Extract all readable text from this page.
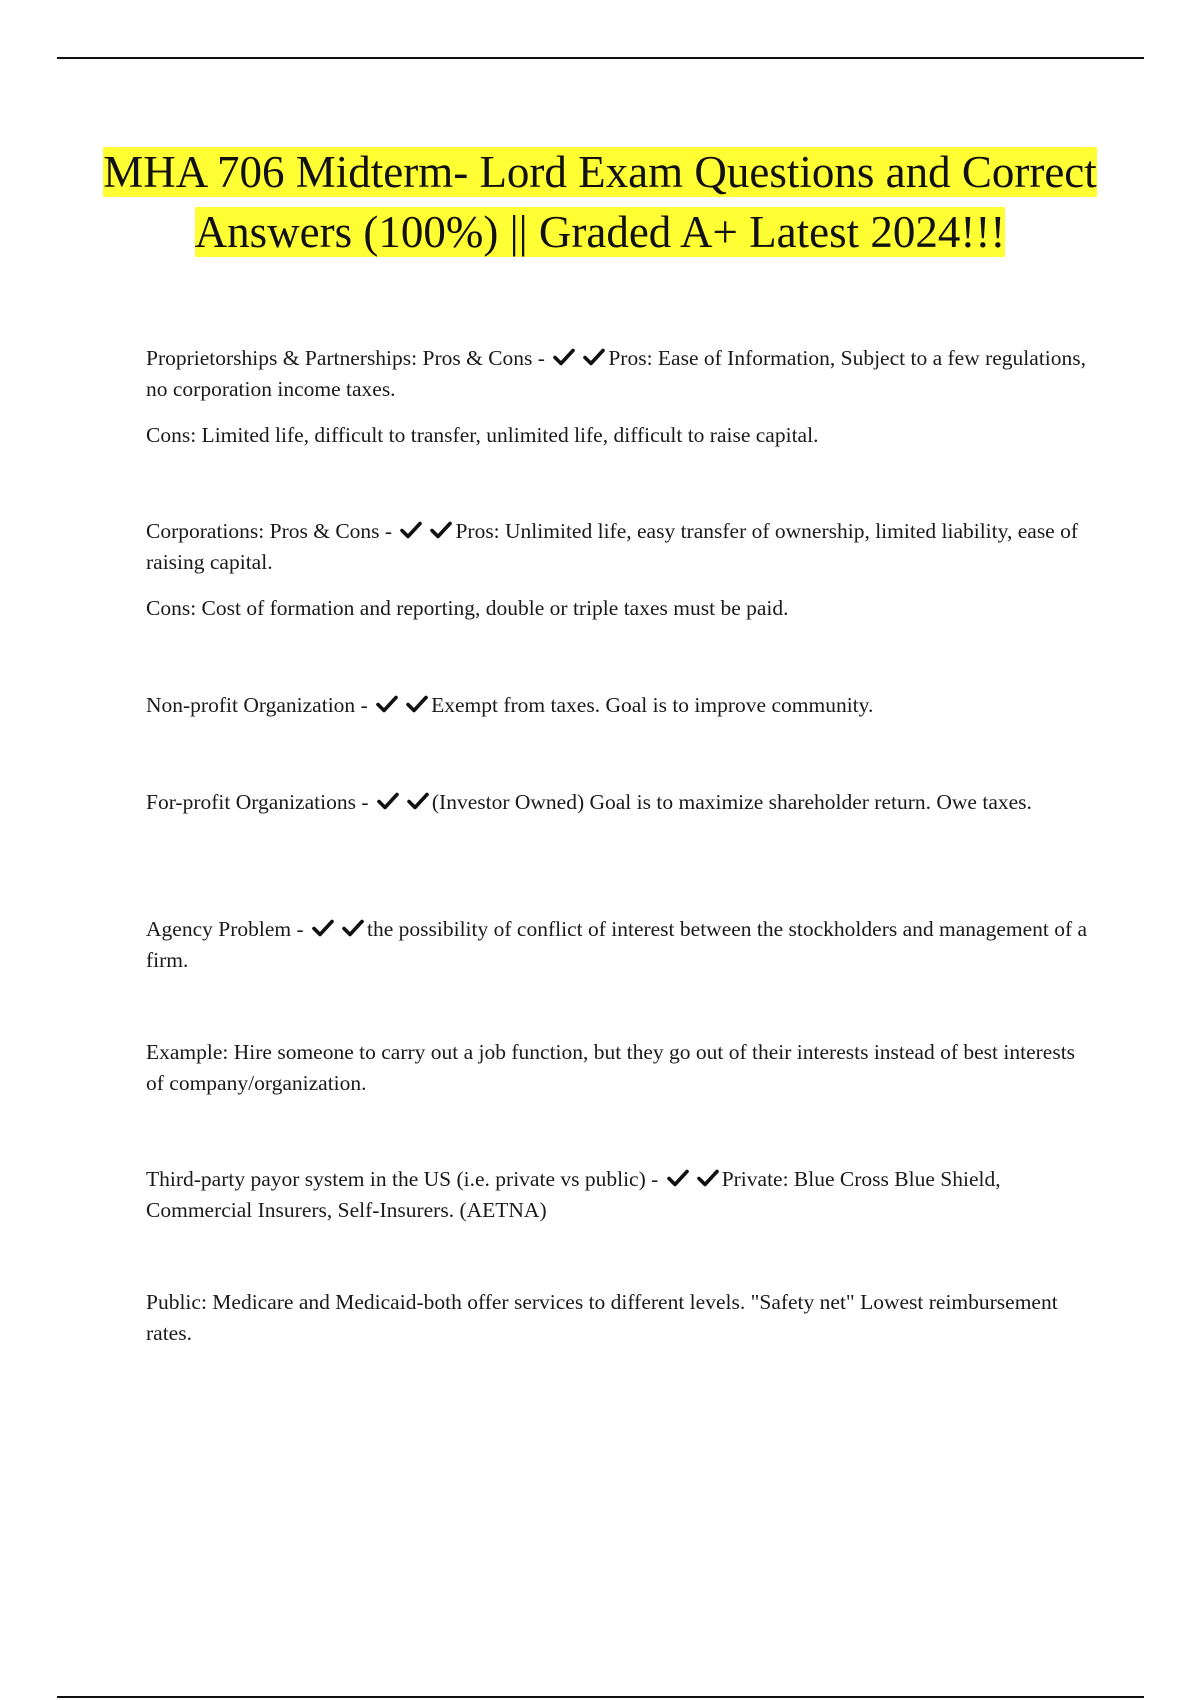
MHA 706 Midterm- Lord Exam Questions and Correct Answers (100%) || Graded A+ Latest 2024!!!

Proprietorships & Partnerships: Pros & Cons -	Pros: Ease of Information, Subject to a few regulations, no corporation income taxes.

Cons: Limited life, difficult to transfer, unlimited life, difficult to raise capital.

Corporations: Pros & Cons -	Pros: Unlimited life, easy transfer of ownership, limited liability, ease of raising capital.

Cons: Cost of formation and reporting, double or triple taxes must be paid.

Non-profit Organization -	Exempt from taxes. Goal is to improve community.

For-profit Organizations -	(Investor Owned) Goal is to maximize shareholder return. Owe taxes.

Agency Problem -	the possibility of conflict of interest between the stockholders and management of a firm.

Example: Hire someone to carry out a job function, but they go out of their interests instead of best interests of company/organization.

Third-party payor system in the US (i.e. private vs public) -	Private: Blue Cross Blue Shield, Commercial Insurers, Self-Insurers. (AETNA)

Public: Medicare and Medicaid-both offer services to different levels. "Safety net" Lowest reimbursement rates.
